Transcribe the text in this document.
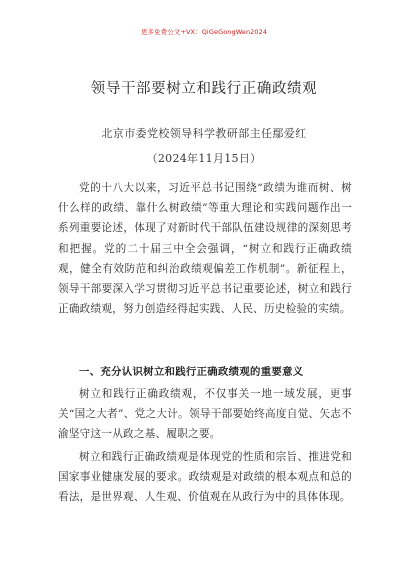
更多免费公文+VX：QiGeGongWen2024
领导干部要树立和践行正确政绩观
北京市委党校领导科学教研部主任鄢爱红
（2024年11月15日）

党的十八大以来，习近平总书记围绕“政绩为谁而树、树什么样的政绩、靠什么树政绩”等重大理论和实践问题作出一系列重要论述，体现了对新时代干部队伍建设规律的深刻思考和把握。党的二十届三中全会强调，“树立和践行正确政绩观，健全有效防范和纠治政绩观偏差工作机制”。新征程上，领导干部要深入学习贯彻习近平总书记重要论述，树立和践行正确政绩观，努力创造经得起实践、人民、历史检验的实绩。

一、充分认识树立和践行正确政绩观的重要意义

树立和践行正确政绩观，不仅事关一地一域发展，更事关“国之大者”、党之大计。领导干部要始终高度自觉、矢志不渝坚守这一从政之基、履职之要。

树立和践行正确政绩观是体现党的性质和宗旨、推进党和国家事业健康发展的要求。政绩观是对政绩的根本观点和总的看法，是世界观、人生观、价值观在从政行为中的具体体现。
